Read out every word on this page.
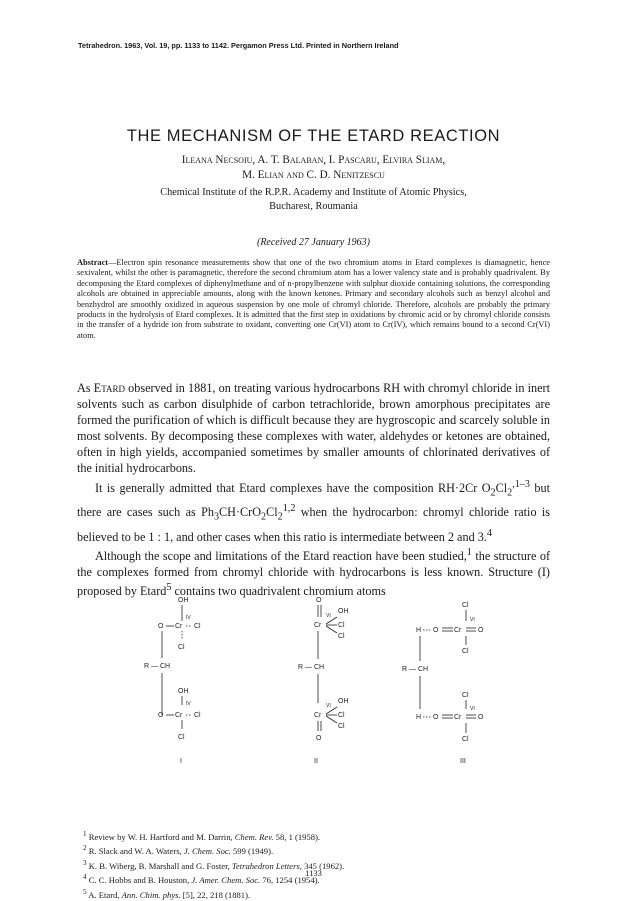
Tetrahedron. 1963, Vol. 19, pp. 1133 to 1142. Pergamon Press Ltd. Printed in Northern Ireland
THE MECHANISM OF THE ETARD REACTION
Ileana Necsoiu, A. T. Balaban, I. Pascaru, Elvira Sliam,
M. Elian and C. D. Nenitzescu
Chemical Institute of the R.P.R. Academy and Institute of Atomic Physics,
Bucharest, Roumania
(Received 27 January 1963)
Abstract—Electron spin resonance measurements show that one of the two chromium atoms in Etard complexes is diamagnetic, hence sexivalent, whilst the other is paramagnetic, therefore the second chromium atom has a lower valency state and is probably quadrivalent. By decomposing the Etard complexes of diphenylmethane and of n-propylbenzene with sulphur dioxide containing solutions, the corresponding alcohols are obtained in appreciable amounts, along with the known ketones. Primary and secondary alcohols such as benzyl alcohol and benzhydrol are smoothly oxidized in aqueous suspension by one mole of chromyl chloride. Therefore, alcohols are probably the primary products in the hydrolysis of Etard complexes. It is admitted that the first step in oxidations by chromic acid or by chromyl chloride consists in the transfer of a hydride ion from substrate to oxidant, converting one Cr(VI) atom to Cr(IV), which remains bound to a second Cr(VI) atom.

As Etard observed in 1881, on treating various hydrocarbons RH with chromyl chloride in inert solvents such as carbon disulphide of carbon tetrachloride, brown amorphous precipitates are formed the purification of which is difficult because they are hygroscopic and scarcely soluble in most solvents. By decomposing these complexes with water, aldehydes or ketones are obtained, often in high yields, accompanied sometimes by smaller amounts of chlorinated derivatives of the initial hydrocarbons.

It is generally admitted that Etard complexes have the composition RH·2Cr $O_2Cl_2^{,1-3}$ but there are cases such as $Ph_3CH\cdot CrO_2Cl_2^{1,2}$ when the hydrocarbon: chromyl chloride ratio is believed to be 1 : 1, and other cases when this ratio is intermediate between 2 and 3.$^4$

Although the scope and limitations of the Etard reaction have been studied,$^1$ the structure of the complexes formed from chromyl chloride with hydrocarbons is less known. Structure (I) proposed by Etard$^5$ contains two quadrivalent chromium atoms

OH
IV
O Cr Cl
Cl
R — CH
OH
IV
O Cr Cl
Cl
I
O
VI
OH
Cr Cl
Cl
R — CH
VI
OH
Cr Cl
Cl
O
II
Cl
VI
H O Cr O
Cl
R — CH
Cl
VI
H O Cr O
Cl
III
$^1$ Review by W. H. Hartford and M. Darrin, Chem. Rev. 58, 1 (1958).
$^2$ R. Slack and W. A. Waters, J. Chem. Soc. 599 (1949).
$^3$ K. B. Wiberg, B. Marshall and G. Foster, Tetrahedron Letters, 345 (1962).
$^4$ C. C. Hobbs and B. Houston, J. Amer. Chem. Soc. 76, 1254 (1954).
$^5$ A. Etard, Ann. Chim. phys. [5], 22, 218 (1881).
1133
